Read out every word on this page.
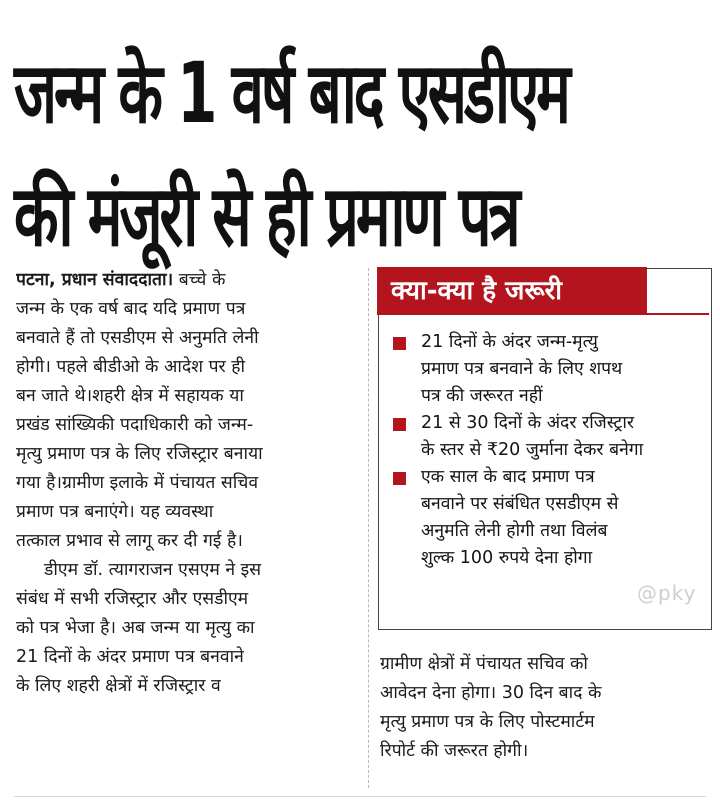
जन्म के 1 वर्ष बाद एसडीएम
की मंजूरी से ही प्रमाण पत्र

पटना, प्रधान संवाददाता। बच्चे के

जन्म के एक वर्ष बाद यदि प्रमाण पत्र

बनवाते हैं तो एसडीएम से अनुमति लेनी

होगी। पहले बीडीओ के आदेश पर ही

बन जाते थे।शहरी क्षेत्र में सहायक या

प्रखंड सांख्यिकी पदाधिकारी को जन्म-

मृत्यु प्रमाण पत्र के लिए रजिस्ट्रार बनाया

गया है।ग्रामीण इलाके में पंचायत सचिव

प्रमाण पत्र बनाएंगे। यह व्यवस्था

तत्काल प्रभाव से लागू कर दी गई है।

डीएम डॉ. त्यागराजन एसएम ने इस

संबंध में सभी रजिस्ट्रार और एसडीएम

को पत्र भेजा है। अब जन्म या मृत्यु का

21 दिनों के अंदर प्रमाण पत्र बनवाने

के लिए शहरी क्षेत्रों में रजिस्ट्रार व

क्या-क्या है जरूरी

21 दिनों के अंदर जन्म-मृत्यु

प्रमाण पत्र बनवाने के लिए शपथ

पत्र की जरूरत नहीं

21 से 30 दिनों के अंदर रजिस्ट्रार

के स्तर से ₹20 जुर्माना देकर बनेगा

एक साल के बाद प्रमाण पत्र

बनवाने पर संबंधित एसडीएम से

अनुमति लेनी होगी तथा विलंब

शुल्क 100 रुपये देना होगा

@pky

ग्रामीण क्षेत्रों में पंचायत सचिव को

आवेदन देना होगा। 30 दिन बाद के

मृत्यु प्रमाण पत्र के लिए पोस्टमार्टम

रिपोर्ट की जरूरत होगी।
